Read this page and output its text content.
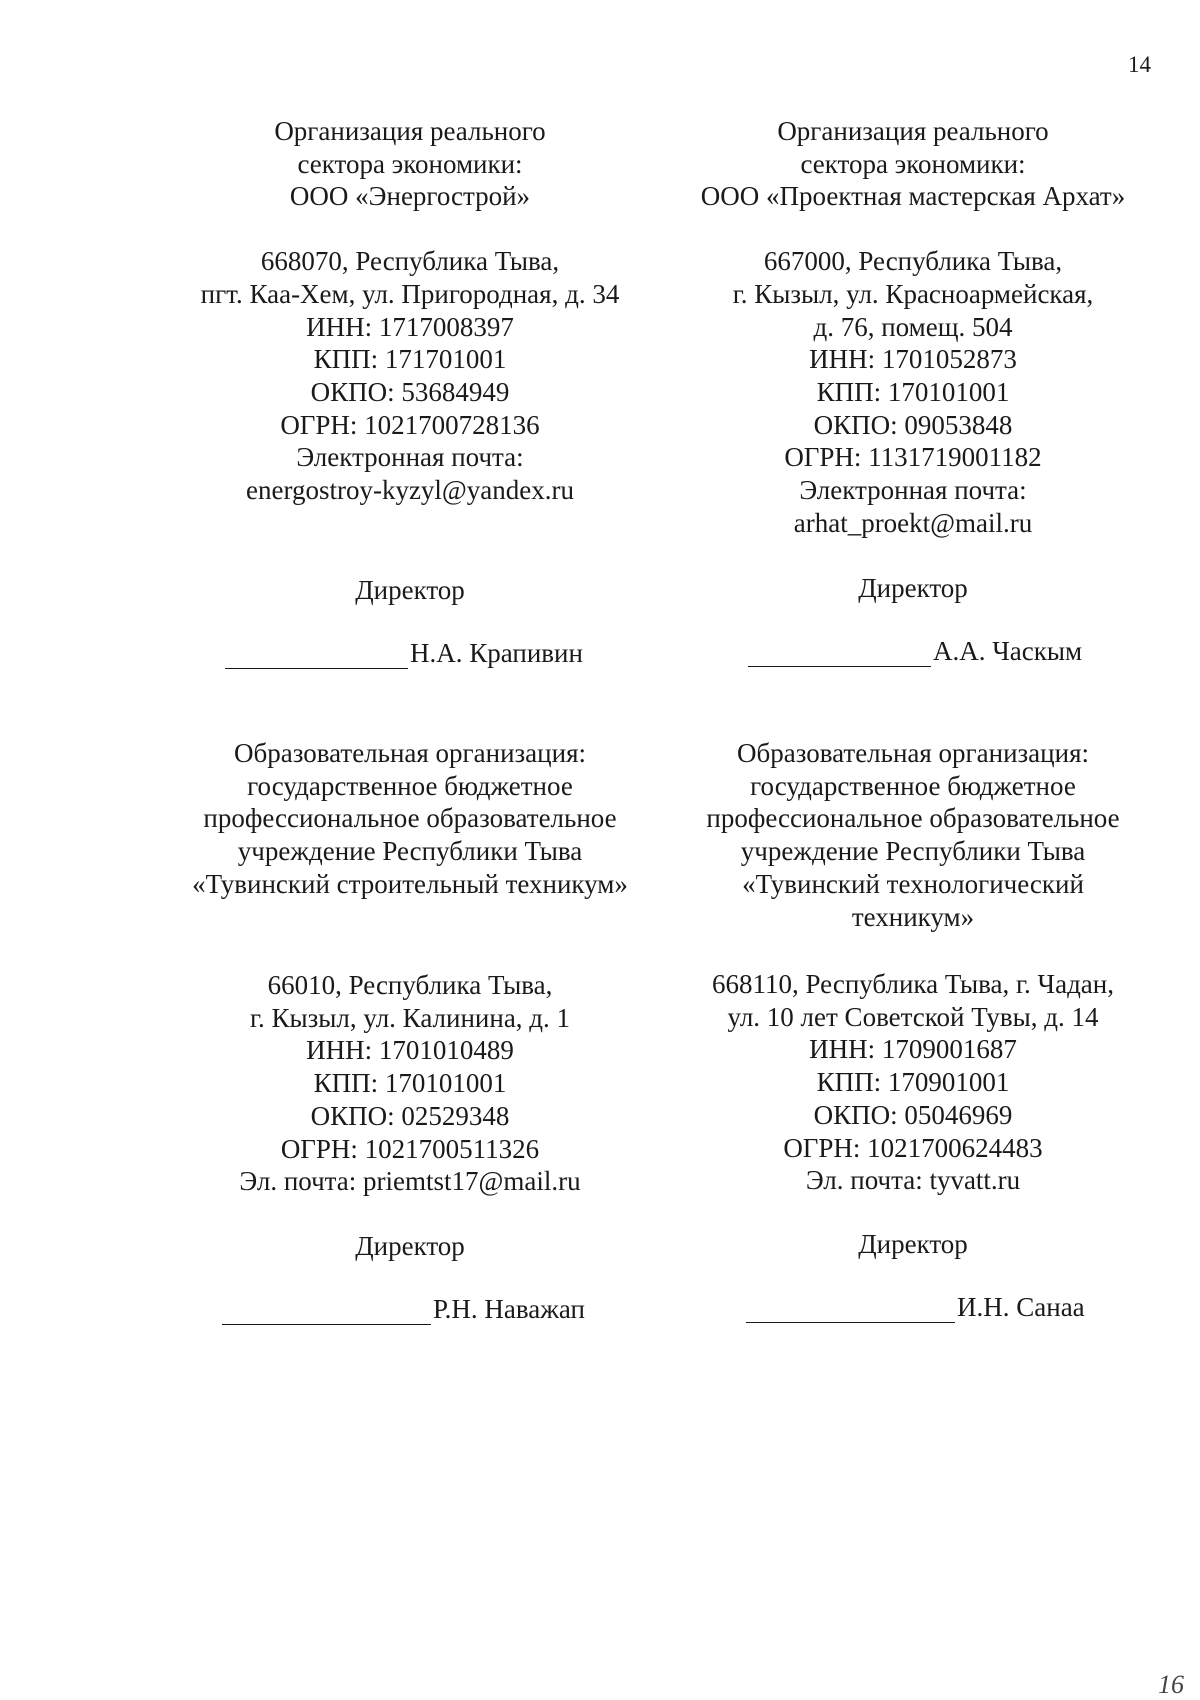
14
Организация реального
сектора экономики:
ООО «Энергострой»
668070, Республика Тыва,
пгт. Каа-Хем, ул. Пригородная, д. 34
ИНН: 1717008397
КПП: 171701001
ОКПО: 53684949
ОГРН: 1021700728136
Электронная почта:
energostroy-kyzyl@yandex.ru
Директор
Н.А. Крапивин
Организация реального
сектора экономики:
ООО «Проектная мастерская Архат»
667000, Республика Тыва,
г. Кызыл, ул. Красноармейская,
д. 76, помещ. 504
ИНН: 1701052873
КПП: 170101001
ОКПО: 09053848
ОГРН: 1131719001182
Электронная почта:
arhat_proekt@mail.ru
Директор
А.А. Часкым
Образовательная организация:
государственное бюджетное
профессиональное образовательное
учреждение Республики Тыва
«Тувинский строительный техникум»
66010, Республика Тыва,
г. Кызыл, ул. Калинина, д. 1
ИНН: 1701010489
КПП: 170101001
ОКПО: 02529348
ОГРН: 1021700511326
Эл. почта: priemtst17@mail.ru
Директор
Р.Н. Наважап
Образовательная организация:
государственное бюджетное
профессиональное образовательное
учреждение Республики Тыва
«Тувинский технологический
техникум»
668110, Республика Тыва, г. Чадан,
ул. 10 лет Советской Тувы, д. 14
ИНН: 1709001687
КПП: 170901001
ОКПО: 05046969
ОГРН: 1021700624483
Эл. почта: tyvatt.ru
Директор
И.Н. Санаа
16
